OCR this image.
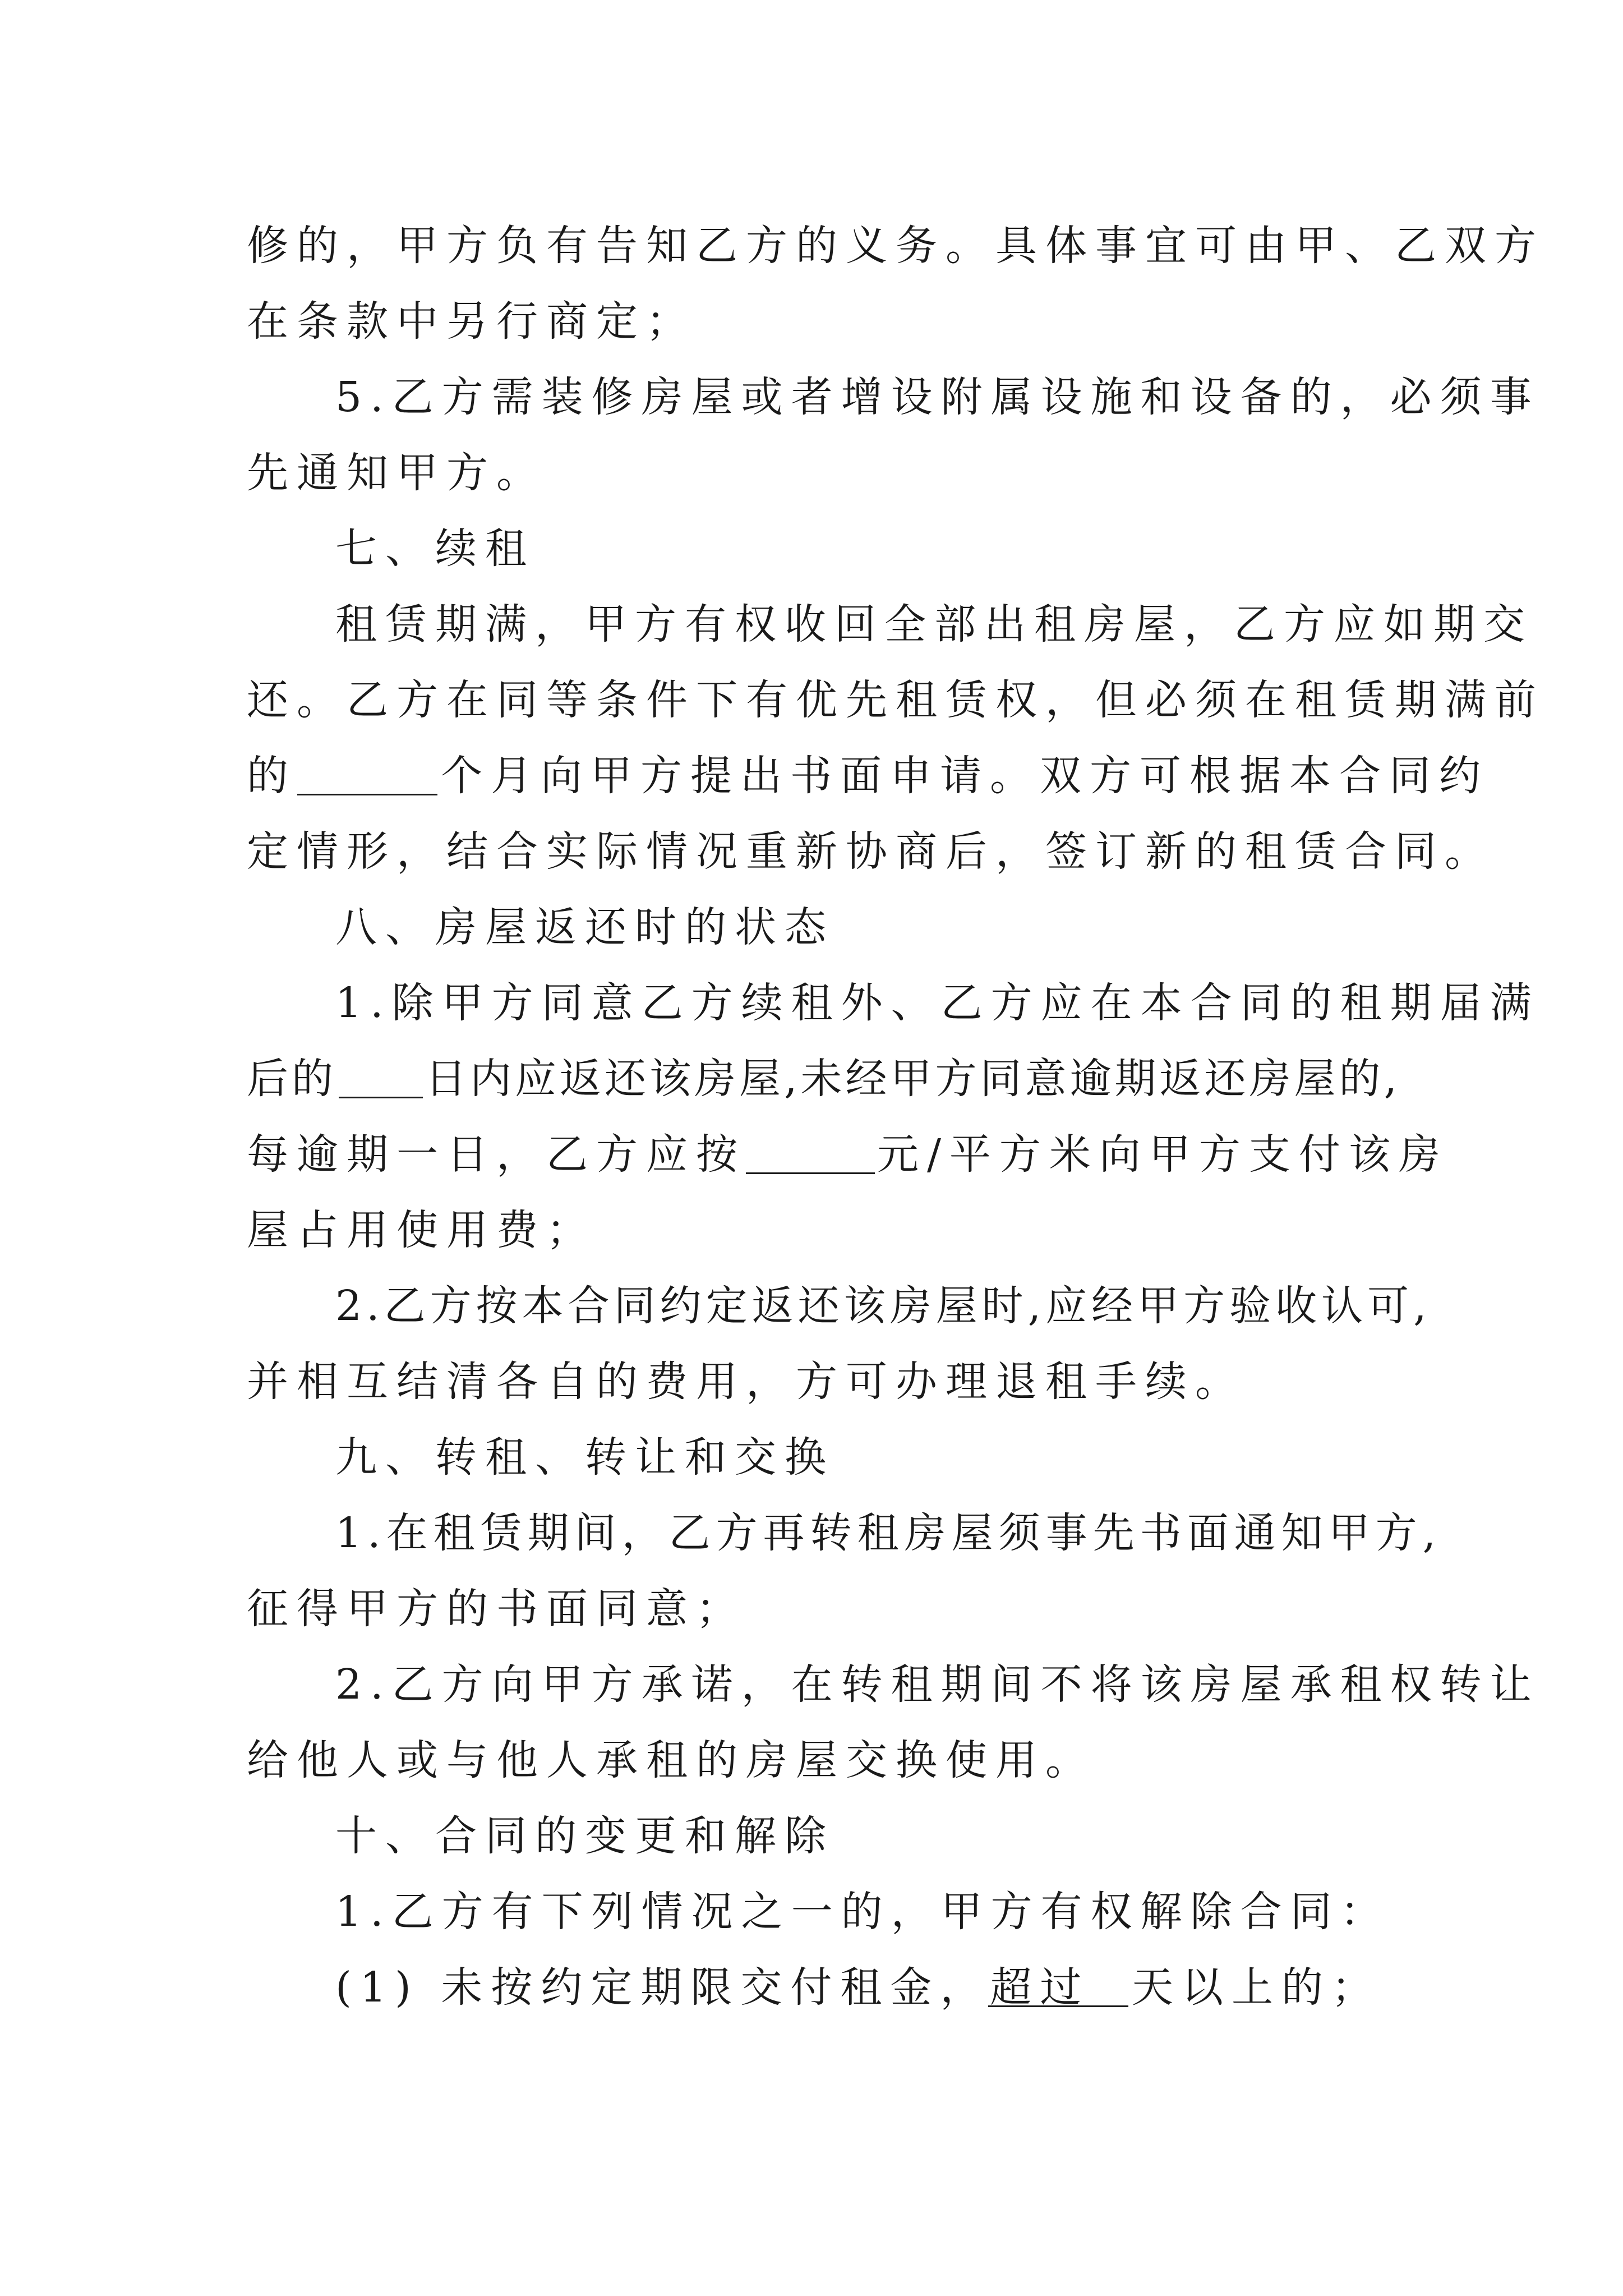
修的，甲方负有告知乙方的义务。具体事宜可由甲、乙双方
在条款中另行商定；
5.乙方需装修房屋或者增设附属设施和设备的，必须事
先通知甲方。
七、续租
租赁期满，甲方有权收回全部出租房屋，乙方应如期交
还。乙方在同等条件下有优先租赁权，但必须在租赁期满前
的	个月向甲方提出书面申请。双方可根据本合同约
定情形，结合实际情况重新协商后，签订新的租赁合同。
八、房屋返还时的状态
1.除甲方同意乙方续租外、乙方应在本合同的租期届满
后的 日内应返还该房屋,未经甲方同意逾期返还房屋的,
每逾期一日，乙方应按	元/平方米向甲方支付该房
屋占用使用费；
2.乙方按本合同约定返还该房屋时,应经甲方验收认可,
并相互结清各自的费用，方可办理退租手续。
九、转租、转让和交换
1.在租赁期间，乙方再转租房屋须事先书面通知甲方,
征得甲方的书面同意；
2.乙方向甲方承诺，在转租期间不将该房屋承租权转让
给他人或与他人承租的房屋交换使用。
十、合同的变更和解除
1.乙方有下列情况之一的，甲方有权解除合同：
(1) 未按约定期限交付租金，超过 天以上的；
